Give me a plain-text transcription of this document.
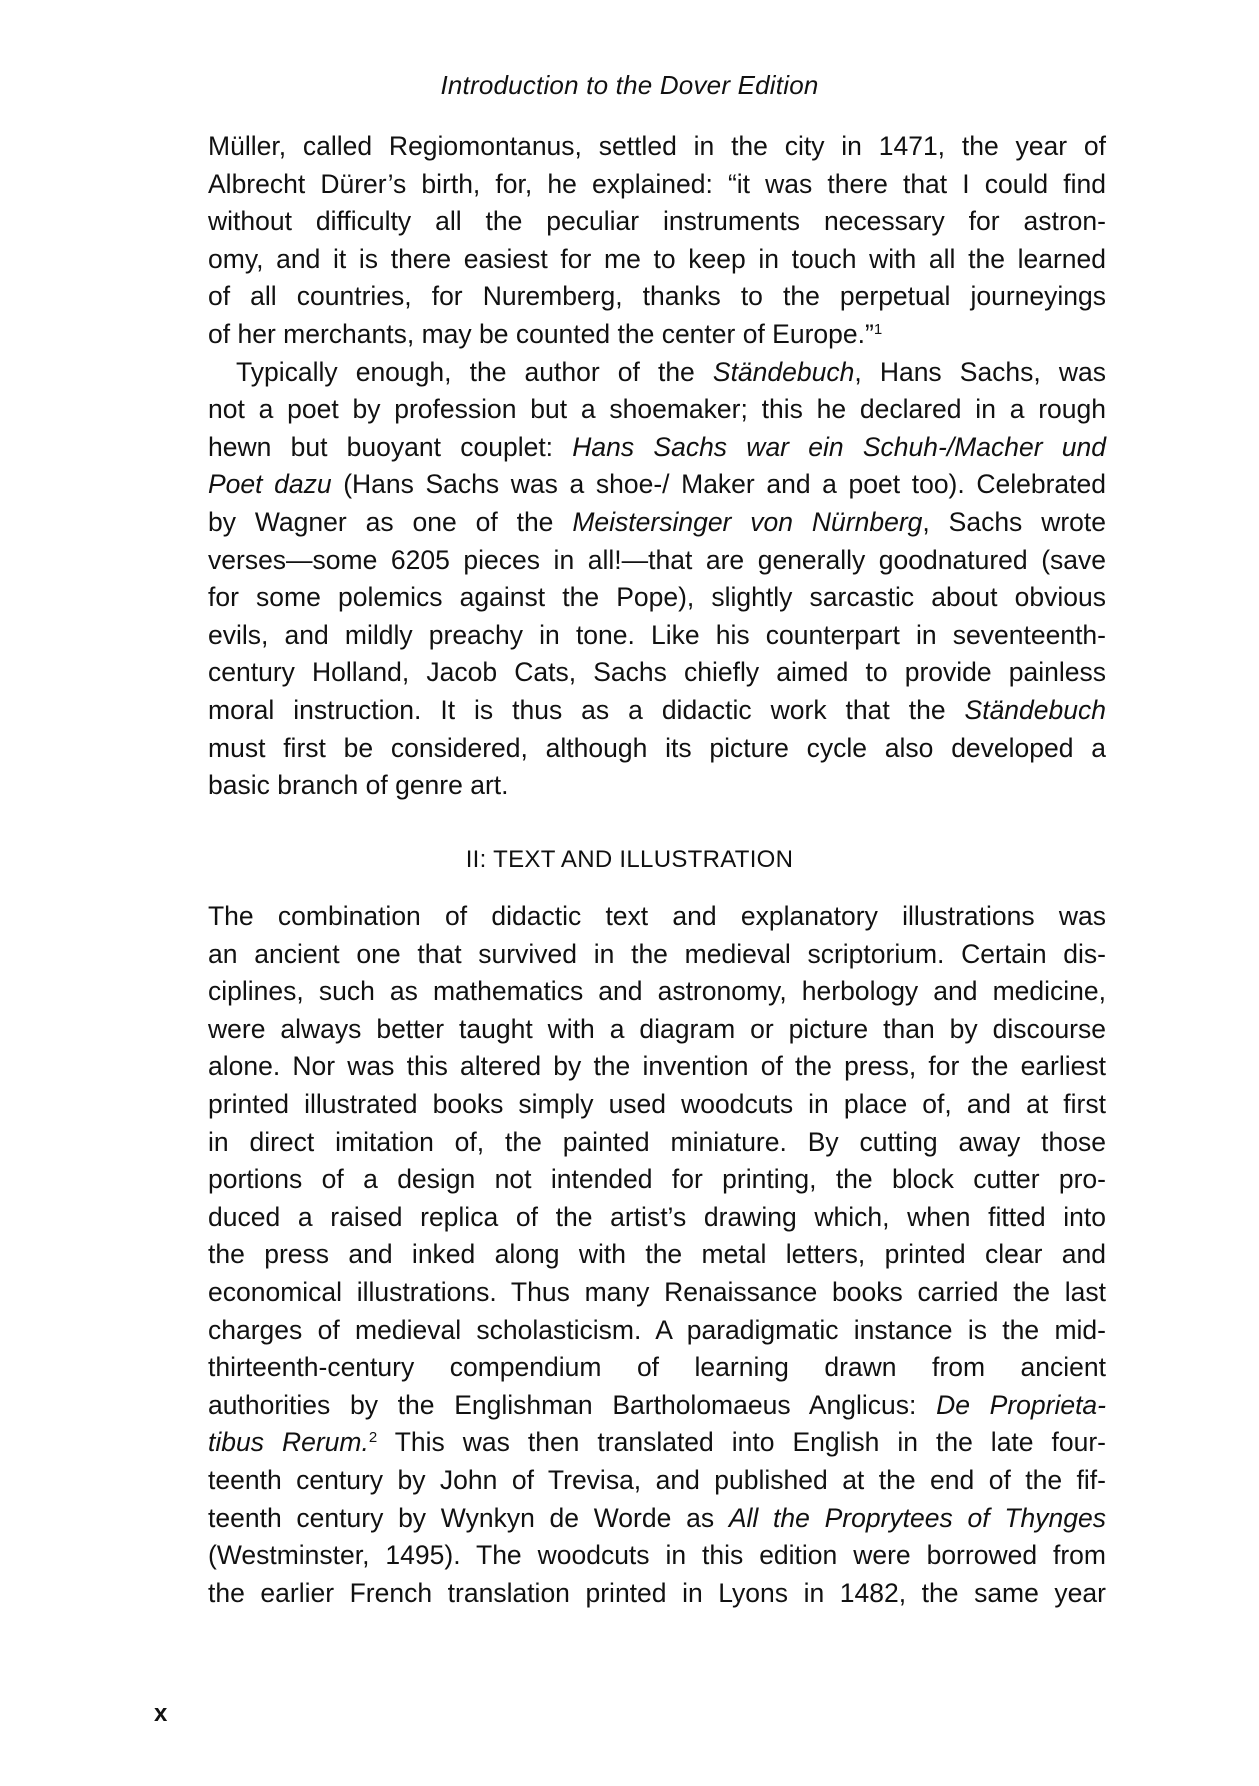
Introduction to the Dover Edition
Müller, called Regiomontanus, settled in the city in 1471, the year of
Albrecht Dürer’s birth, for, he explained: “it was there that I could find
without difficulty all the peculiar instruments necessary for astron-
omy, and it is there easiest for me to keep in touch with all the learned
of all countries, for Nuremberg, thanks to the perpetual journeyings
of her merchants, may be counted the center of Europe.”$^1$
Typically enough, the author of the Ständebuch, Hans Sachs, was
not a poet by profession but a shoemaker; this he declared in a rough
hewn but buoyant couplet: Hans Sachs war ein Schuh-/Macher und
Poet dazu (Hans Sachs was a shoe-/ Maker and a poet too). Celebrated
by Wagner as one of the Meistersinger von Nürnberg, Sachs wrote
verses—some 6205 pieces in all!—that are generally goodnatured (save
for some polemics against the Pope), slightly sarcastic about obvious
evils, and mildly preachy in tone. Like his counterpart in seventeenth-
century Holland, Jacob Cats, Sachs chiefly aimed to provide painless
moral instruction. It is thus as a didactic work that the Ständebuch
must first be considered, although its picture cycle also developed a
basic branch of genre art.
II: TEXT AND ILLUSTRATION
The combination of didactic text and explanatory illustrations was
an ancient one that survived in the medieval scriptorium. Certain dis-
ciplines, such as mathematics and astronomy, herbology and medicine,
were always better taught with a diagram or picture than by discourse
alone. Nor was this altered by the invention of the press, for the earliest
printed illustrated books simply used woodcuts in place of, and at first
in direct imitation of, the painted miniature. By cutting away those
portions of a design not intended for printing, the block cutter pro-
duced a raised replica of the artist’s drawing which, when fitted into
the press and inked along with the metal letters, printed clear and
economical illustrations. Thus many Renaissance books carried the last
charges of medieval scholasticism. A paradigmatic instance is the mid-
thirteenth-century compendium of learning drawn from ancient
authorities by the Englishman Bartholomaeus Anglicus: De Proprieta-
tibus Rerum.$^2$ This was then translated into English in the late four-
teenth century by John of Trevisa, and published at the end of the fif-
teenth century by Wynkyn de Worde as All the Proprytees of Thynges
(Westminster, 1495). The woodcuts in this edition were borrowed from
the earlier French translation printed in Lyons in 1482, the same year
x
